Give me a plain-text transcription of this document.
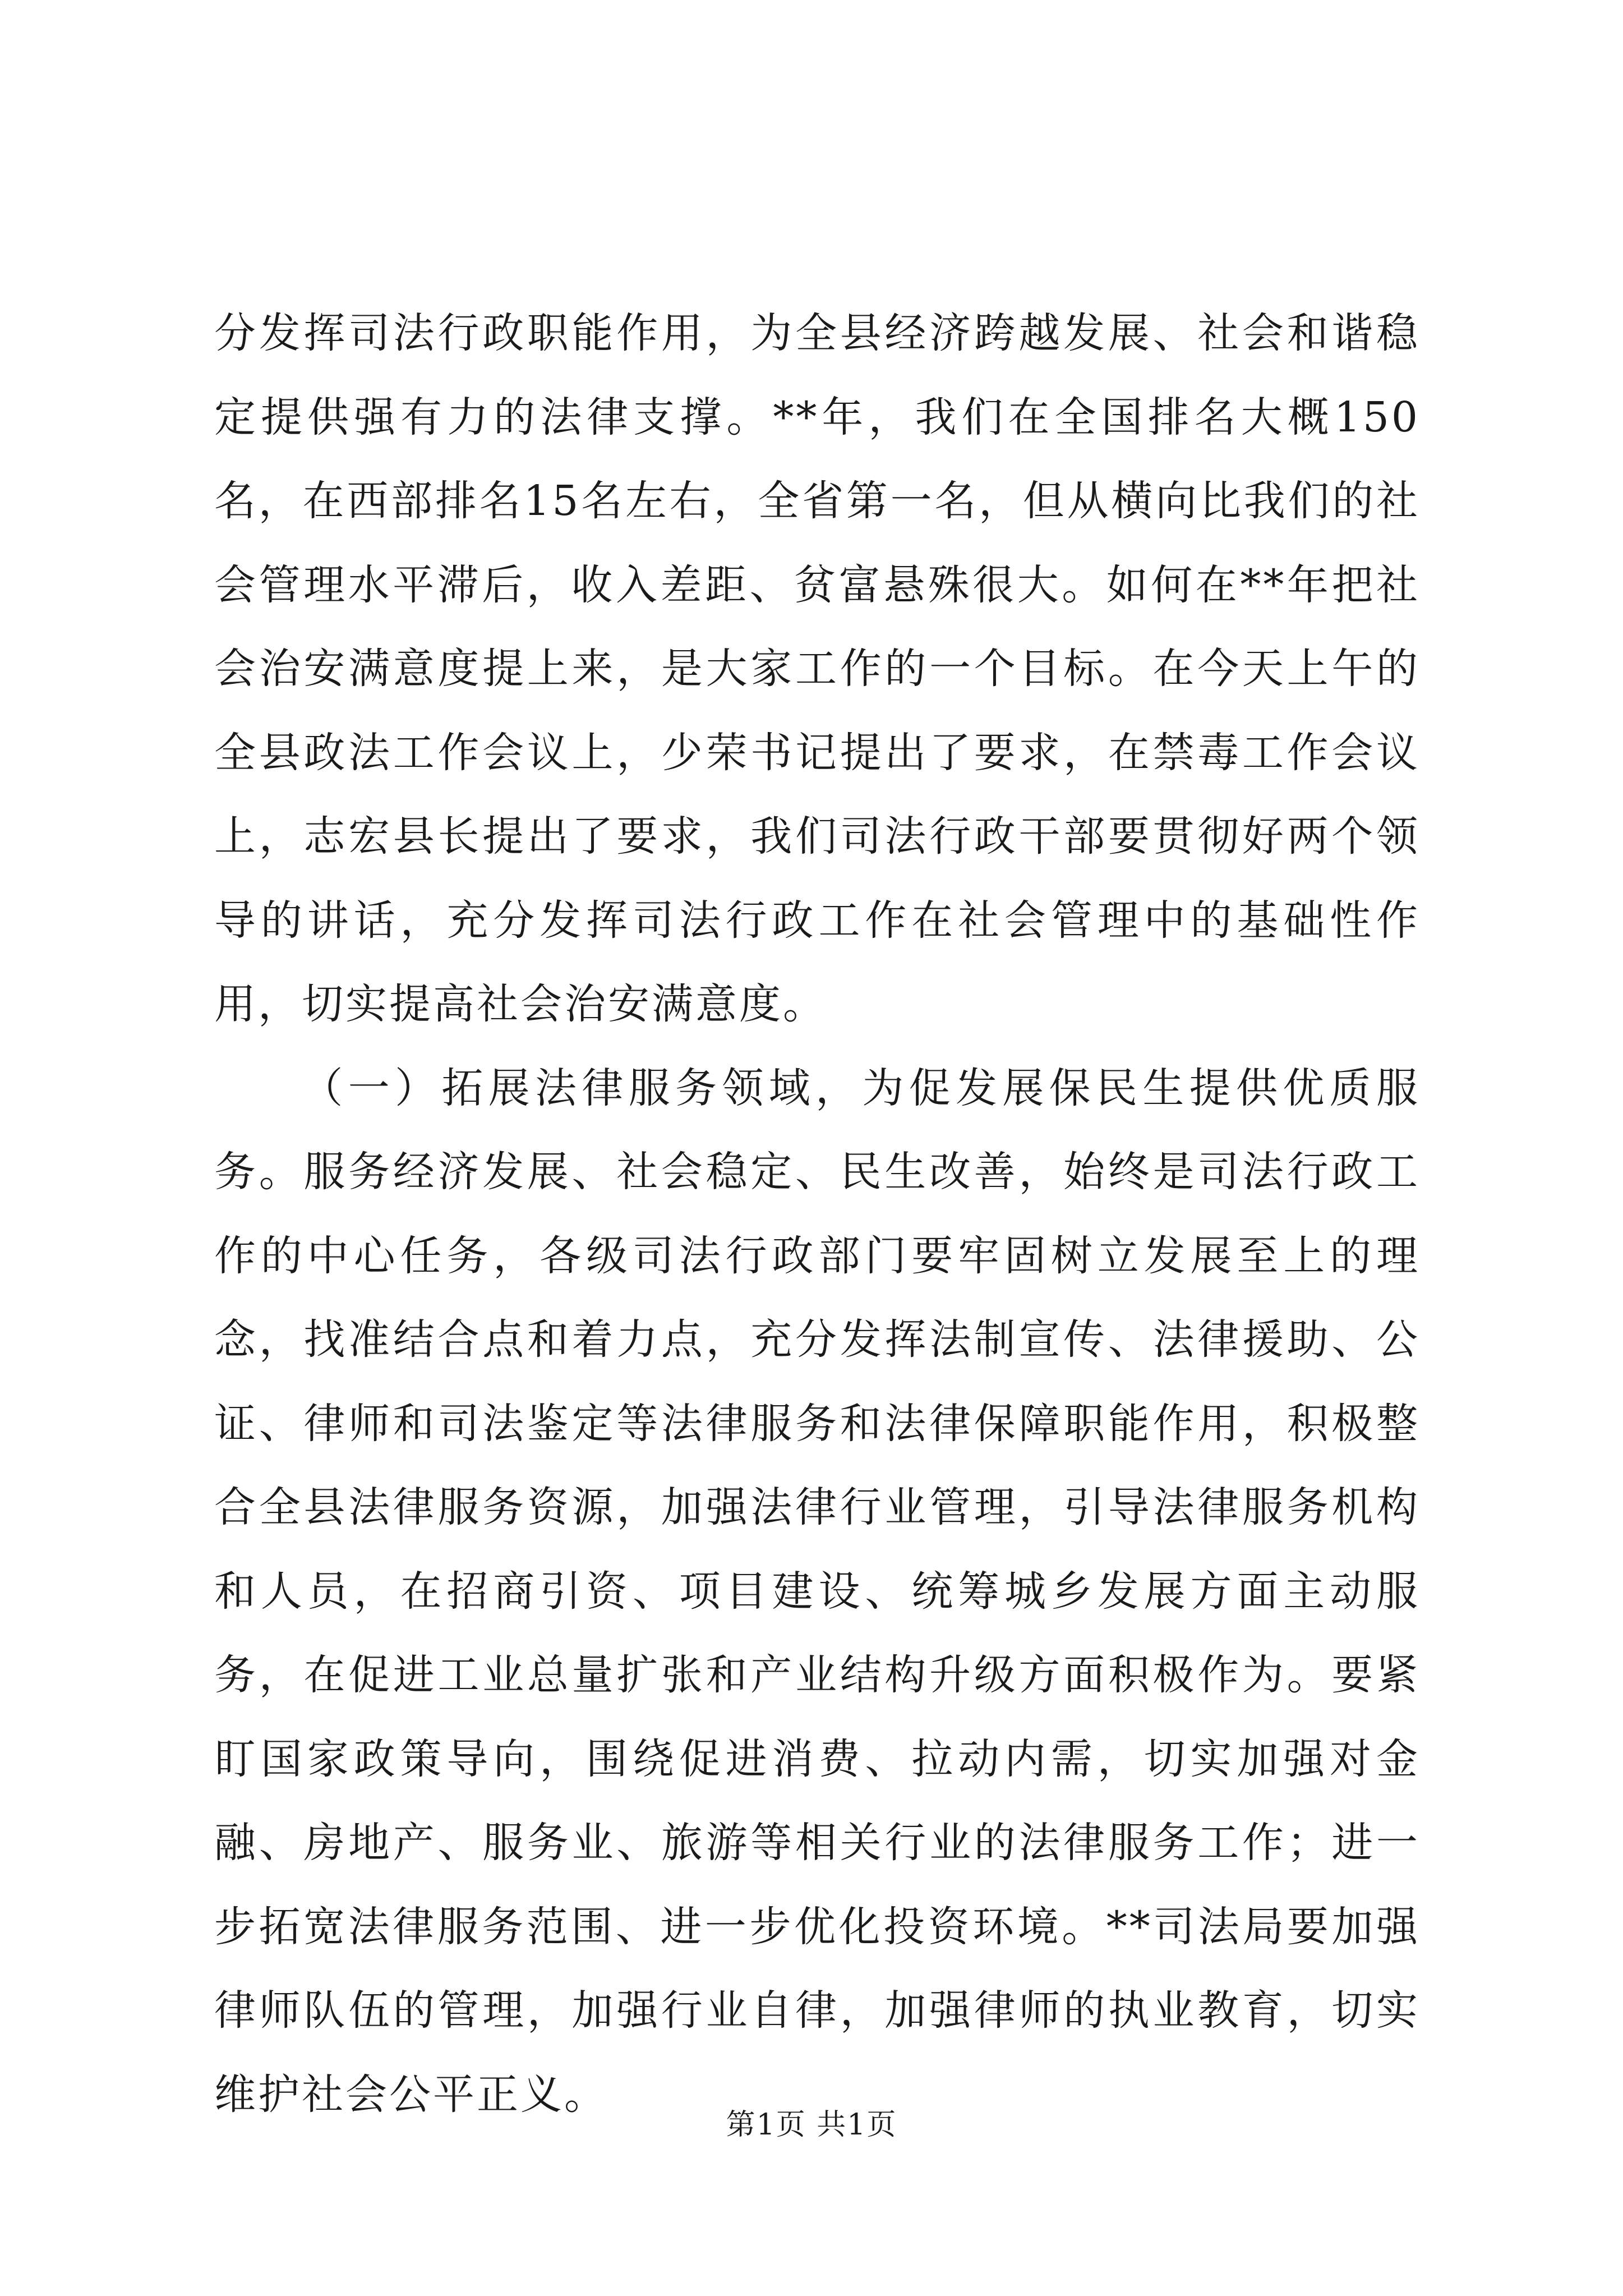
分发挥司法行政职能作用，为全县经济跨越发展、社会和谐稳定提供强有力的法律支撑。**年，我们在全国排名大概150名，在西部排名15名左右，全省第一名，但从横向比我们的社会管理水平滞后，收入差距、贫富悬殊很大。如何在**年把社会治安满意度提上来，是大家工作的一个目标。在今天上午的全县政法工作会议上，少荣书记提出了要求，在禁毒工作会议上，志宏县长提出了要求，我们司法行政干部要贯彻好两个领导的讲话，充分发挥司法行政工作在社会管理中的基础性作用，切实提高社会治安满意度。

（一）拓展法律服务领域，为促发展保民生提供优质服务。服务经济发展、社会稳定、民生改善，始终是司法行政工作的中心任务，各级司法行政部门要牢固树立发展至上的理念，找准结合点和着力点，充分发挥法制宣传、法律援助、公证、律师和司法鉴定等法律服务和法律保障职能作用，积极整合全县法律服务资源，加强法律行业管理，引导法律服务机构和人员，在招商引资、项目建设、统筹城乡发展方面主动服务，在促进工业总量扩张和产业结构升级方面积极作为。要紧盯国家政策导向，围绕促进消费、拉动内需，切实加强对金融、房地产、服务业、旅游等相关行业的法律服务工作；进一步拓宽法律服务范围、进一步优化投资环境。**司法局要加强律师队伍的管理，加强行业自律，加强律师的执业教育，切实维护社会公平正义。

第1页 共1页
